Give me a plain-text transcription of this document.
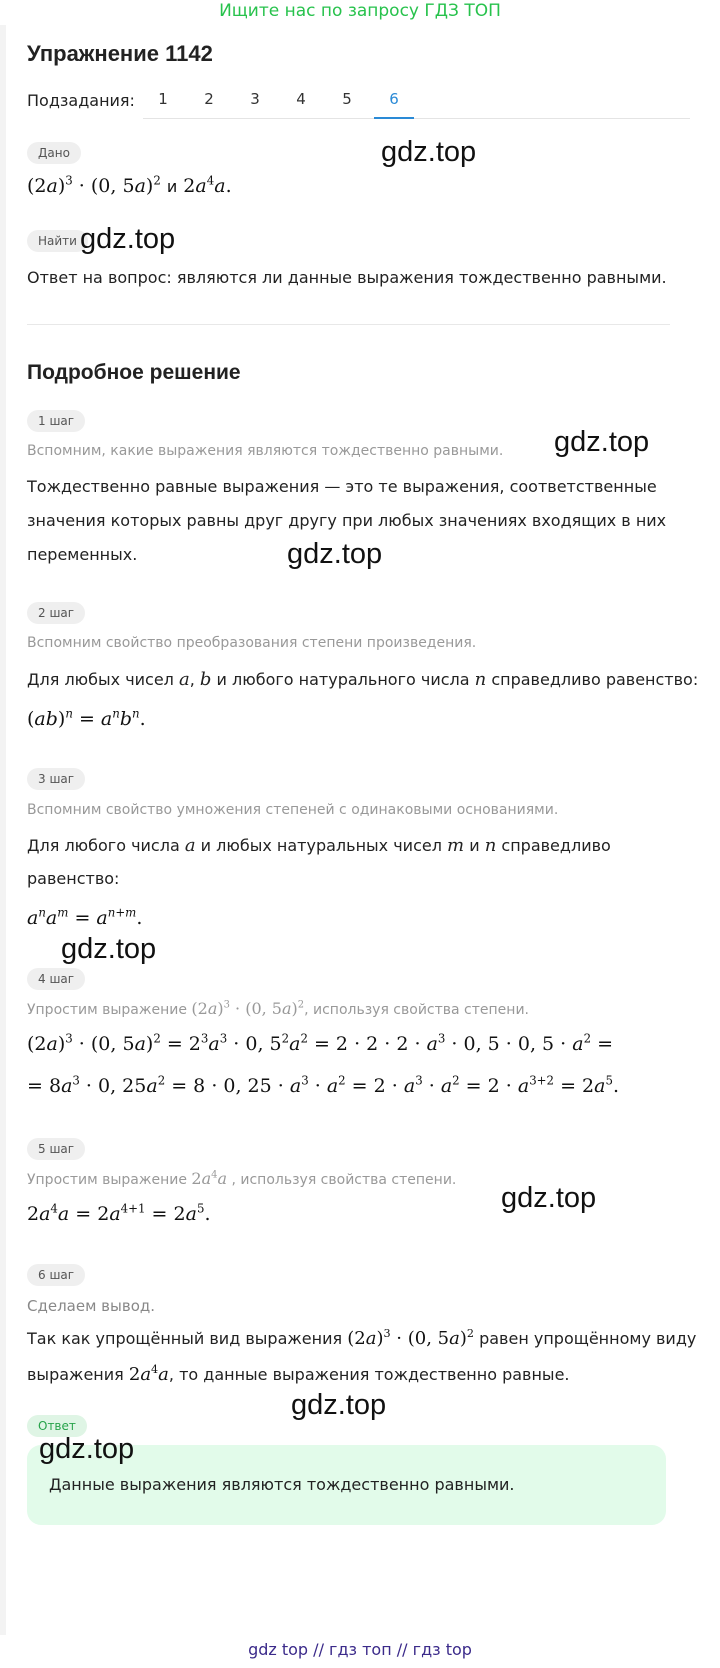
Ищите нас по запросу ГДЗ ТОП
Упражнение 1142
Подзадания:	1	2	3	4	5	6
Дано
$(2a)^3 \cdot (0$, 5a)$^2$ и $2a^4a$.
Найти
Ответ на вопрос: являются ли данные выражения тождественно равными.
Подробное решение
1 шаг
Вспомним, какие выражения являются тождественно равными.
Тождественно равные выражения — это те выражения, соответственные
значения которых равны друг другу при любых значениях входящих в них
переменных.
2 шаг
Вспомним свойство преобразования степени произведения.
Для любых чисел a, b и любого натурального числа n справедливо равенство:
$(ab)^n = a^nb^n$.
3 шаг
Вспомним свойство умножения степеней с одинаковыми основаниями.
Для любого числа a и любых натуральных чисел m и n справедливо
равенство:
$a^na^m = a^{n+m}$.
4 шаг
Упростим выражение $(2a)^3 \cdot (0$, 5a)$^2$, используя свойства степени.
$(2a)^3 \cdot (0$, $5a)^2 = 2^3a^3 \cdot 0$, $5^2a^2 = 2 \cdot 2 \cdot 2 \cdot a^3 \cdot 0$, 5 · 0, $5 \cdot a^2$ =
= $8a^3 \cdot 0$, $25a^2 = 8 \cdot 0$, $25 \cdot a^3 \cdot a^2 = 2 \cdot a^3 \cdot a^2 = 2 \cdot a^{3+2} = 2a^5$.
5 шаг
Упростим выражение $2a^4a$ , используя свойства степени.
$2a^4a = 2a^{4+1} = 2a^5$.
6 шаг
Сделаем вывод.
Так как упрощённый вид выражения $(2a)^3 \cdot (0$, 5a)$^2$ равен упрощённому виду
выражения $2a^4a$, то данные выражения тождественно равные.
Ответ
Данные выражения являются тождественно равными.
gdz.top
gdz.top
gdz.top
gdz.top
gdz.top
gdz.top
gdz.top
gdz.top
gdz top // гдз топ // гдз top
